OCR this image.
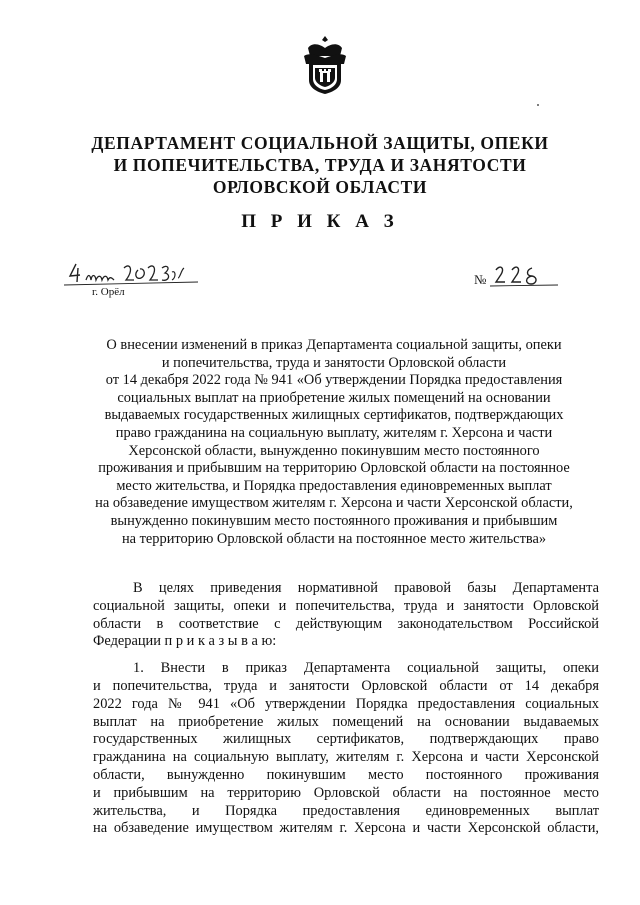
ДЕПАРТАМЕНТ СОЦИАЛЬНОЙ ЗАЩИТЫ, ОПЕКИ
И ПОПЕЧИТЕЛЬСТВА, ТРУДА И ЗАНЯТОСТИ
ОРЛОВСКОЙ ОБЛАСТИ
П Р И К А З
г. Орёл
№
О внесении изменений в приказ Департамента социальной защиты, опеки
и попечительства, труда и занятости Орловской области
от 14 декабря 2022 года № 941 «Об утверждении Порядка предоставления
социальных выплат на приобретение жилых помещений на основании
выдаваемых государственных жилищных сертификатов, подтверждающих
право гражданина на социальную выплату, жителям г. Херсона и части
Херсонской области, вынужденно покинувшим место постоянного
проживания и прибывшим на территорию Орловской области на постоянное
место жительства, и Порядка предоставления единовременных выплат
на обзаведение имуществом жителям г. Херсона и части Херсонской области,
вынужденно покинувшим место постоянного проживания и прибывшим
на территорию Орловской области на постоянное место жительства»
В целях приведения нормативной правовой базы Департамента
социальной защиты, опеки и попечительства, труда и занятости Орловской
области в соответствие с действующим законодательством Российской
Федерации п р и к а з ы в а ю:
1. Внести в приказ Департамента социальной защиты, опеки
и попечительства, труда и занятости Орловской области от 14 декабря
2022 года № 941 «Об утверждении Порядка предоставления социальных
выплат на приобретение жилых помещений на основании выдаваемых
государственных жилищных сертификатов, подтверждающих право
гражданина на социальную выплату, жителям г. Херсона и части Херсонской
области, вынужденно покинувшим место постоянного проживания
и прибывшим на территорию Орловской области на постоянное место
жительства, и Порядка предоставления единовременных выплат
на обзаведение имуществом жителям г. Херсона и части Херсонской области,
